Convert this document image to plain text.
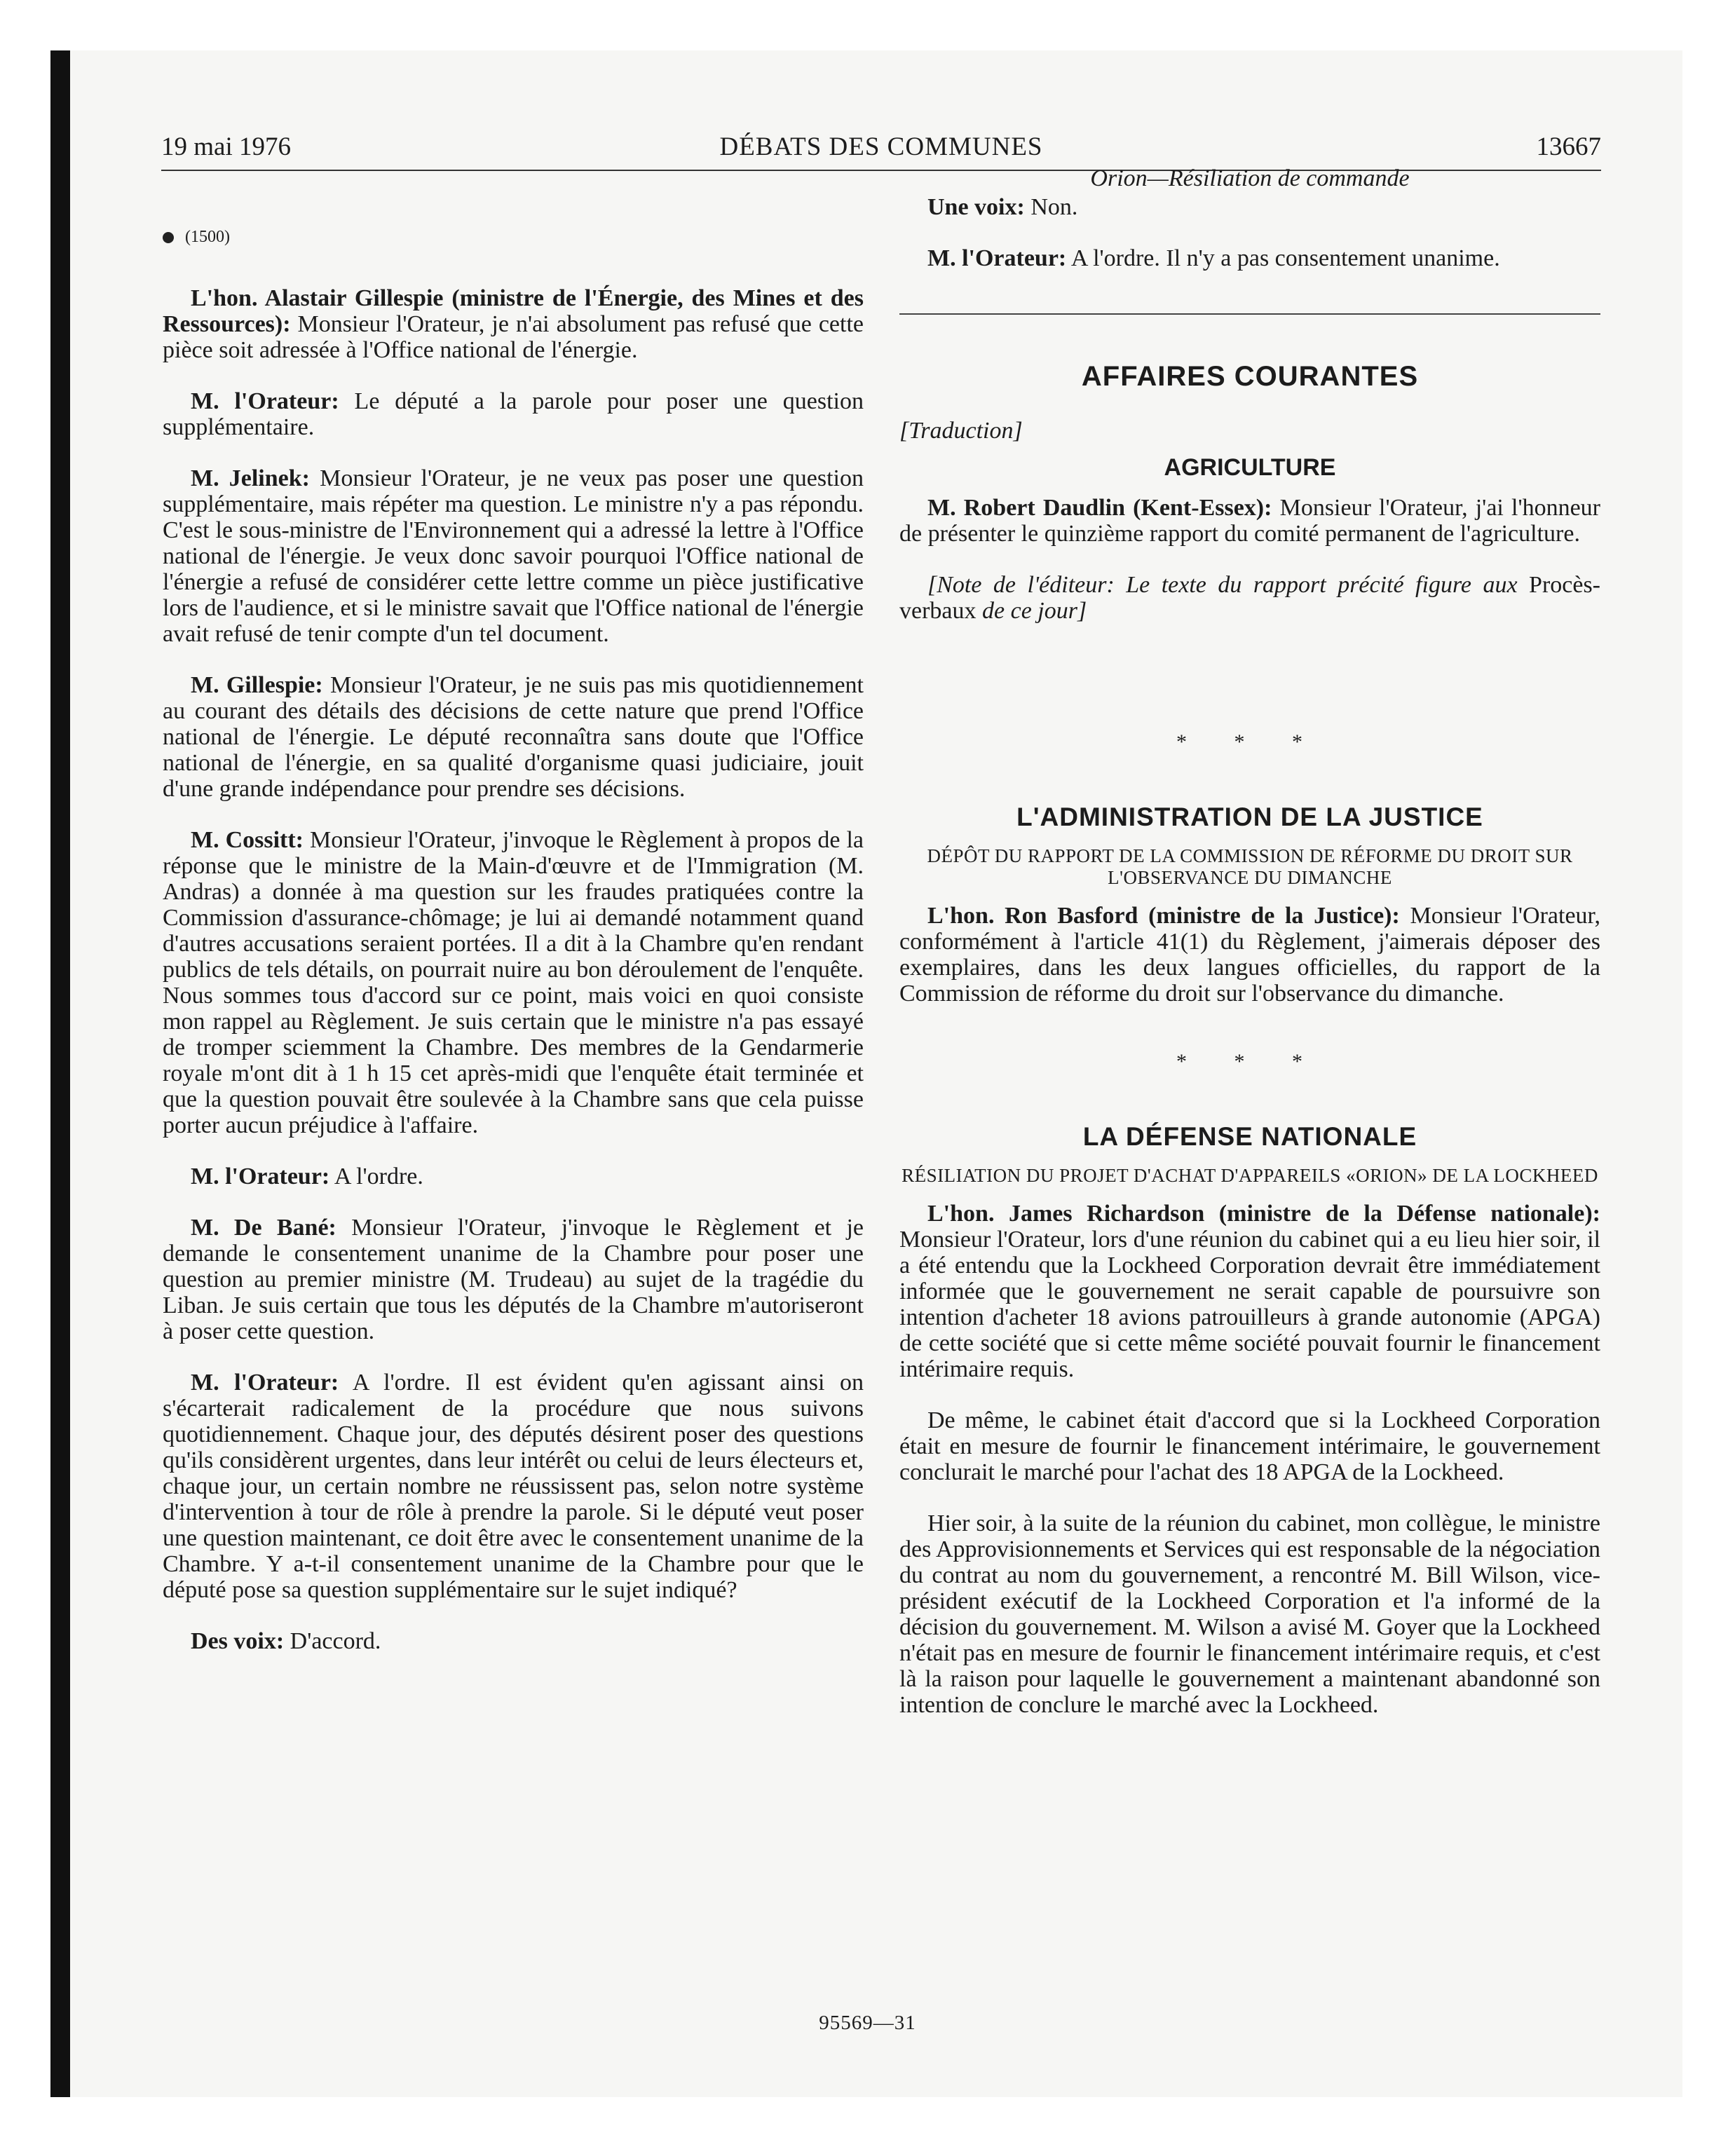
DÉBATS DES COMMUNES
19 mai 1976	13667
(1500)

L'hon. Alastair Gillespie (ministre de l'Énergie, des Mines et des Ressources): Monsieur l'Orateur, je n'ai absolument pas refusé que cette pièce soit adressée à l'Office national de l'énergie.

M. l'Orateur: Le député a la parole pour poser une question supplémentaire.

M. Jelinek: Monsieur l'Orateur, je ne veux pas poser une question supplémentaire, mais répéter ma question. Le ministre n'y a pas répondu. C'est le sous-ministre de l'Environnement qui a adressé la lettre à l'Office national de l'énergie. Je veux donc savoir pourquoi l'Office national de l'énergie a refusé de considérer cette lettre comme un pièce justificative lors de l'audience, et si le ministre savait que l'Office national de l'énergie avait refusé de tenir compte d'un tel document.

M. Gillespie: Monsieur l'Orateur, je ne suis pas mis quotidiennement au courant des détails des décisions de cette nature que prend l'Office national de l'énergie. Le député reconnaîtra sans doute que l'Office national de l'énergie, en sa qualité d'organisme quasi judiciaire, jouit d'une grande indépendance pour prendre ses décisions.

M. Cossitt: Monsieur l'Orateur, j'invoque le Règlement à propos de la réponse que le ministre de la Main-d'œuvre et de l'Immigration (M. Andras) a donnée à ma question sur les fraudes pratiquées contre la Commission d'assurance-chômage; je lui ai demandé notamment quand d'autres accusations seraient portées. Il a dit à la Chambre qu'en rendant publics de tels détails, on pourrait nuire au bon déroulement de l'enquête. Nous sommes tous d'accord sur ce point, mais voici en quoi consiste mon rappel au Règlement. Je suis certain que le ministre n'a pas essayé de tromper sciemment la Chambre. Des membres de la Gendarmerie royale m'ont dit à 1 h 15 cet après-midi que l'enquête était terminée et que la question pouvait être soulevée à la Chambre sans que cela puisse porter aucun préjudice à l'affaire.

M. l'Orateur: A l'ordre.

M. De Bané: Monsieur l'Orateur, j'invoque le Règlement et je demande le consentement unanime de la Chambre pour poser une question au premier ministre (M. Trudeau) au sujet de la tragédie du Liban. Je suis certain que tous les députés de la Chambre m'autoriseront à poser cette question.

M. l'Orateur: A l'ordre. Il est évident qu'en agissant ainsi on s'écarterait radicalement de la procédure que nous suivons quotidiennement. Chaque jour, des députés désirent poser des questions qu'ils considèrent urgentes, dans leur intérêt ou celui de leurs électeurs et, chaque jour, un certain nombre ne réussissent pas, selon notre système d'intervention à tour de rôle à prendre la parole. Si le député veut poser une question maintenant, ce doit être avec le consentement unanime de la Chambre. Y a-t-il consentement unanime de la Chambre pour que le député pose sa question supplémentaire sur le sujet indiqué?

Des voix: D'accord.

Orion—Résiliation de commande

Une voix: Non.

M. l'Orateur: A l'ordre. Il n'y a pas consentement unanime.

AFFAIRES COURANTES

[Traduction]

AGRICULTURE

M. Robert Daudlin (Kent-Essex): Monsieur l'Orateur, j'ai l'honneur de présenter le quinzième rapport du comité permanent de l'agriculture.

[Note de l'éditeur: Le texte du rapport précité figure aux Procès-verbaux de ce jour]

* * *
L'ADMINISTRATION DE LA JUSTICE
DÉPÔT DU RAPPORT DE LA COMMISSION DE RÉFORME DU DROIT SUR L'OBSERVANCE DU DIMANCHE

L'hon. Ron Basford (ministre de la Justice): Monsieur l'Orateur, conformément à l'article 41(1) du Règlement, j'aimerais déposer des exemplaires, dans les deux langues officielles, du rapport de la Commission de réforme du droit sur l'observance du dimanche.

* * *
LA DÉFENSE NATIONALE
RÉSILIATION DU PROJET D'ACHAT D'APPAREILS «ORION» DE LA LOCKHEED

L'hon. James Richardson (ministre de la Défense nationale): Monsieur l'Orateur, lors d'une réunion du cabinet qui a eu lieu hier soir, il a été entendu que la Lockheed Corporation devrait être immédiatement informée que le gouvernement ne serait capable de poursuivre son intention d'acheter 18 avions patrouilleurs à grande autonomie (APGA) de cette société que si cette même société pouvait fournir le financement intérimaire requis.

De même, le cabinet était d'accord que si la Lockheed Corporation était en mesure de fournir le financement intérimaire, le gouvernement conclurait le marché pour l'achat des 18 APGA de la Lockheed.

Hier soir, à la suite de la réunion du cabinet, mon collègue, le ministre des Approvisionnements et Services qui est responsable de la négociation du contrat au nom du gouvernement, a rencontré M. Bill Wilson, vice-président exécutif de la Lockheed Corporation et l'a informé de la décision du gouvernement. M. Wilson a avisé M. Goyer que la Lockheed n'était pas en mesure de fournir le financement intérimaire requis, et c'est là la raison pour laquelle le gouvernement a maintenant abandonné son intention de conclure le marché avec la Lockheed.

95569—31
